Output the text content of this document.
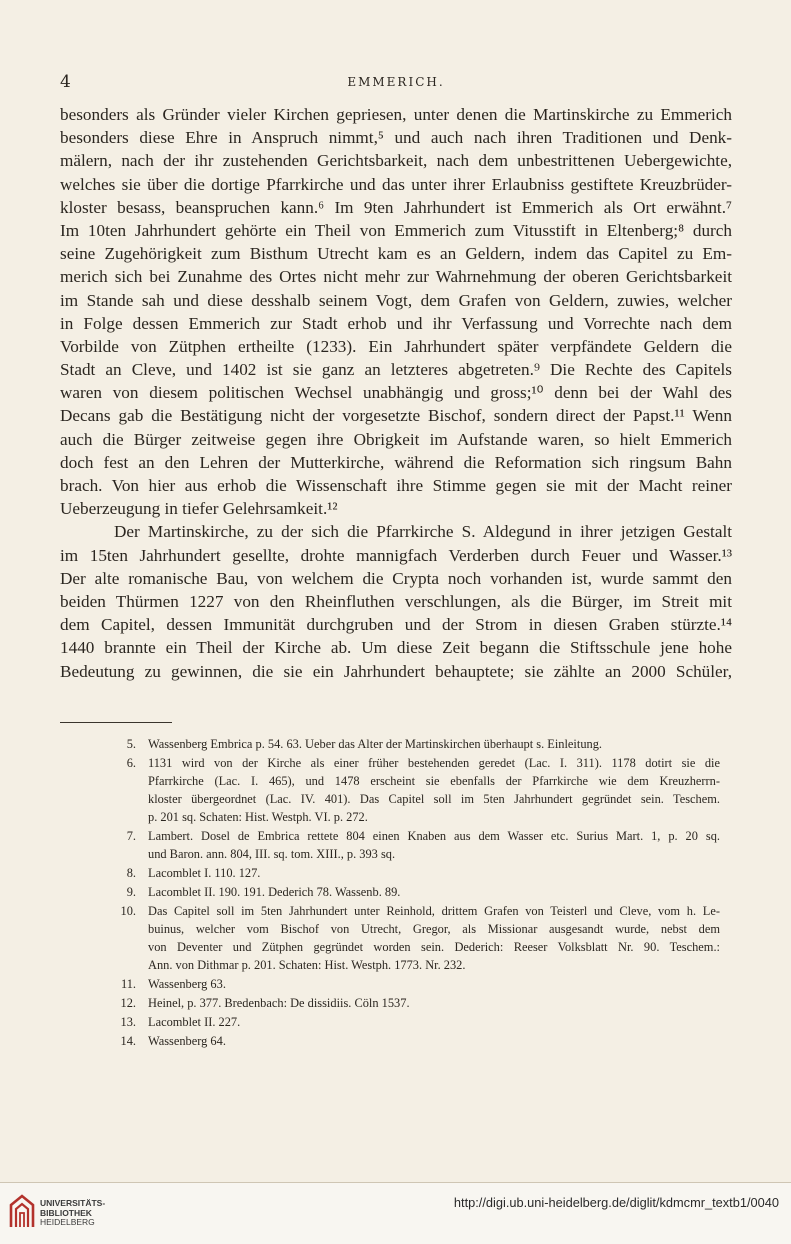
4	EMMERICH.
besonders als Gründer vieler Kirchen gepriesen, unter denen die Martinskirche zu Emmerich
besonders diese Ehre in Anspruch nimmt,⁵ und auch nach ihren Traditionen und Denk-
mälern, nach der ihr zustehenden Gerichtsbarkeit, nach dem unbestrittenen Uebergewichte,
welches sie über die dortige Pfarrkirche und das unter ihrer Erlaubniss gestiftete Kreuzbrüder-
kloster besass, beanspruchen kann.⁶ Im 9ten Jahrhundert ist Emmerich als Ort erwähnt.⁷
Im 10ten Jahrhundert gehörte ein Theil von Emmerich zum Vitusstift in Eltenberg;⁸ durch
seine Zugehörigkeit zum Bisthum Utrecht kam es an Geldern, indem das Capitel zu Em-
merich sich bei Zunahme des Ortes nicht mehr zur Wahrnehmung der oberen Gerichtsbarkeit
im Stande sah und diese desshalb seinem Vogt, dem Grafen von Geldern, zuwies, welcher
in Folge dessen Emmerich zur Stadt erhob und ihr Verfassung und Vorrechte nach dem
Vorbilde von Zütphen ertheilte (1233). Ein Jahrhundert später verpfändete Geldern die
Stadt an Cleve, und 1402 ist sie ganz an letzteres abgetreten.⁹ Die Rechte des Capitels
waren von diesem politischen Wechsel unabhängig und gross;¹⁰ denn bei der Wahl des
Decans gab die Bestätigung nicht der vorgesetzte Bischof, sondern direct der Papst.¹¹ Wenn
auch die Bürger zeitweise gegen ihre Obrigkeit im Aufstande waren, so hielt Emmerich
doch fest an den Lehren der Mutterkirche, während die Reformation sich ringsum Bahn
brach. Von hier aus erhob die Wissenschaft ihre Stimme gegen sie mit der Macht reiner
Ueberzeugung in tiefer Gelehrsamkeit.¹²
Der Martinskirche, zu der sich die Pfarrkirche S. Aldegund in ihrer jetzigen Gestalt
im 15ten Jahrhundert gesellte, drohte mannigfach Verderben durch Feuer und Wasser.¹³
Der alte romanische Bau, von welchem die Crypta noch vorhanden ist, wurde sammt den
beiden Thürmen 1227 von den Rheinfluthen verschlungen, als die Bürger, im Streit mit
dem Capitel, dessen Immunität durchgruben und der Strom in diesen Graben stürzte.¹⁴
1440 brannte ein Theil der Kirche ab. Um diese Zeit begann die Stiftsschule jene hohe
Bedeutung zu gewinnen, die sie ein Jahrhundert behauptete; sie zählte an 2000 Schüler,
5. Wassenberg Embrica p. 54. 63. Ueber das Alter der Martinskirchen überhaupt s. Einleitung.
6. 1131 wird von der Kirche als einer früher bestehenden geredet (Lac. I. 311). 1178 dotirt sie die
Pfarrkirche (Lac. I. 465), und 1478 erscheint sie ebenfalls der Pfarrkirche wie dem Kreuzherrn-
kloster übergeordnet (Lac. IV. 401). Das Capitel soll im 5ten Jahrhundert gegründet sein. Teschem.
p. 201 sq. Schaten: Hist. Westph. VI. p. 272.
7. Lambert. Dosel de Embrica rettete 804 einen Knaben aus dem Wasser etc. Surius Mart. 1, p. 20 sq.
und Baron. ann. 804, III. sq. tom. XIII., p. 393 sq.
8. Lacomblet I. 110. 127.
9. Lacomblet II. 190. 191. Dederich 78. Wassenb. 89.
10. Das Capitel soll im 5ten Jahrhundert unter Reinhold, drittem Grafen von Teisterl und Cleve, vom h. Le-
buinus, welcher vom Bischof von Utrecht, Gregor, als Missionar ausgesandt wurde, nebst dem
von Deventer und Zütphen gegründet worden sein. Dederich: Reeser Volksblatt Nr. 90. Teschem.:
Ann. von Dithmar p. 201. Schaten: Hist. Westph. 1773. Nr. 232.
11. Wassenberg 63.
12. Heinel, p. 377. Bredenbach: De dissidiis. Cöln 1537.
13. Lacomblet II. 227.
14. Wassenberg 64.
UNIVERSITÄTS-
BIBLIOTHEK
HEIDELBERG
http://digi.ub.uni-heidelberg.de/diglit/kdmcmr_textb1/0040
